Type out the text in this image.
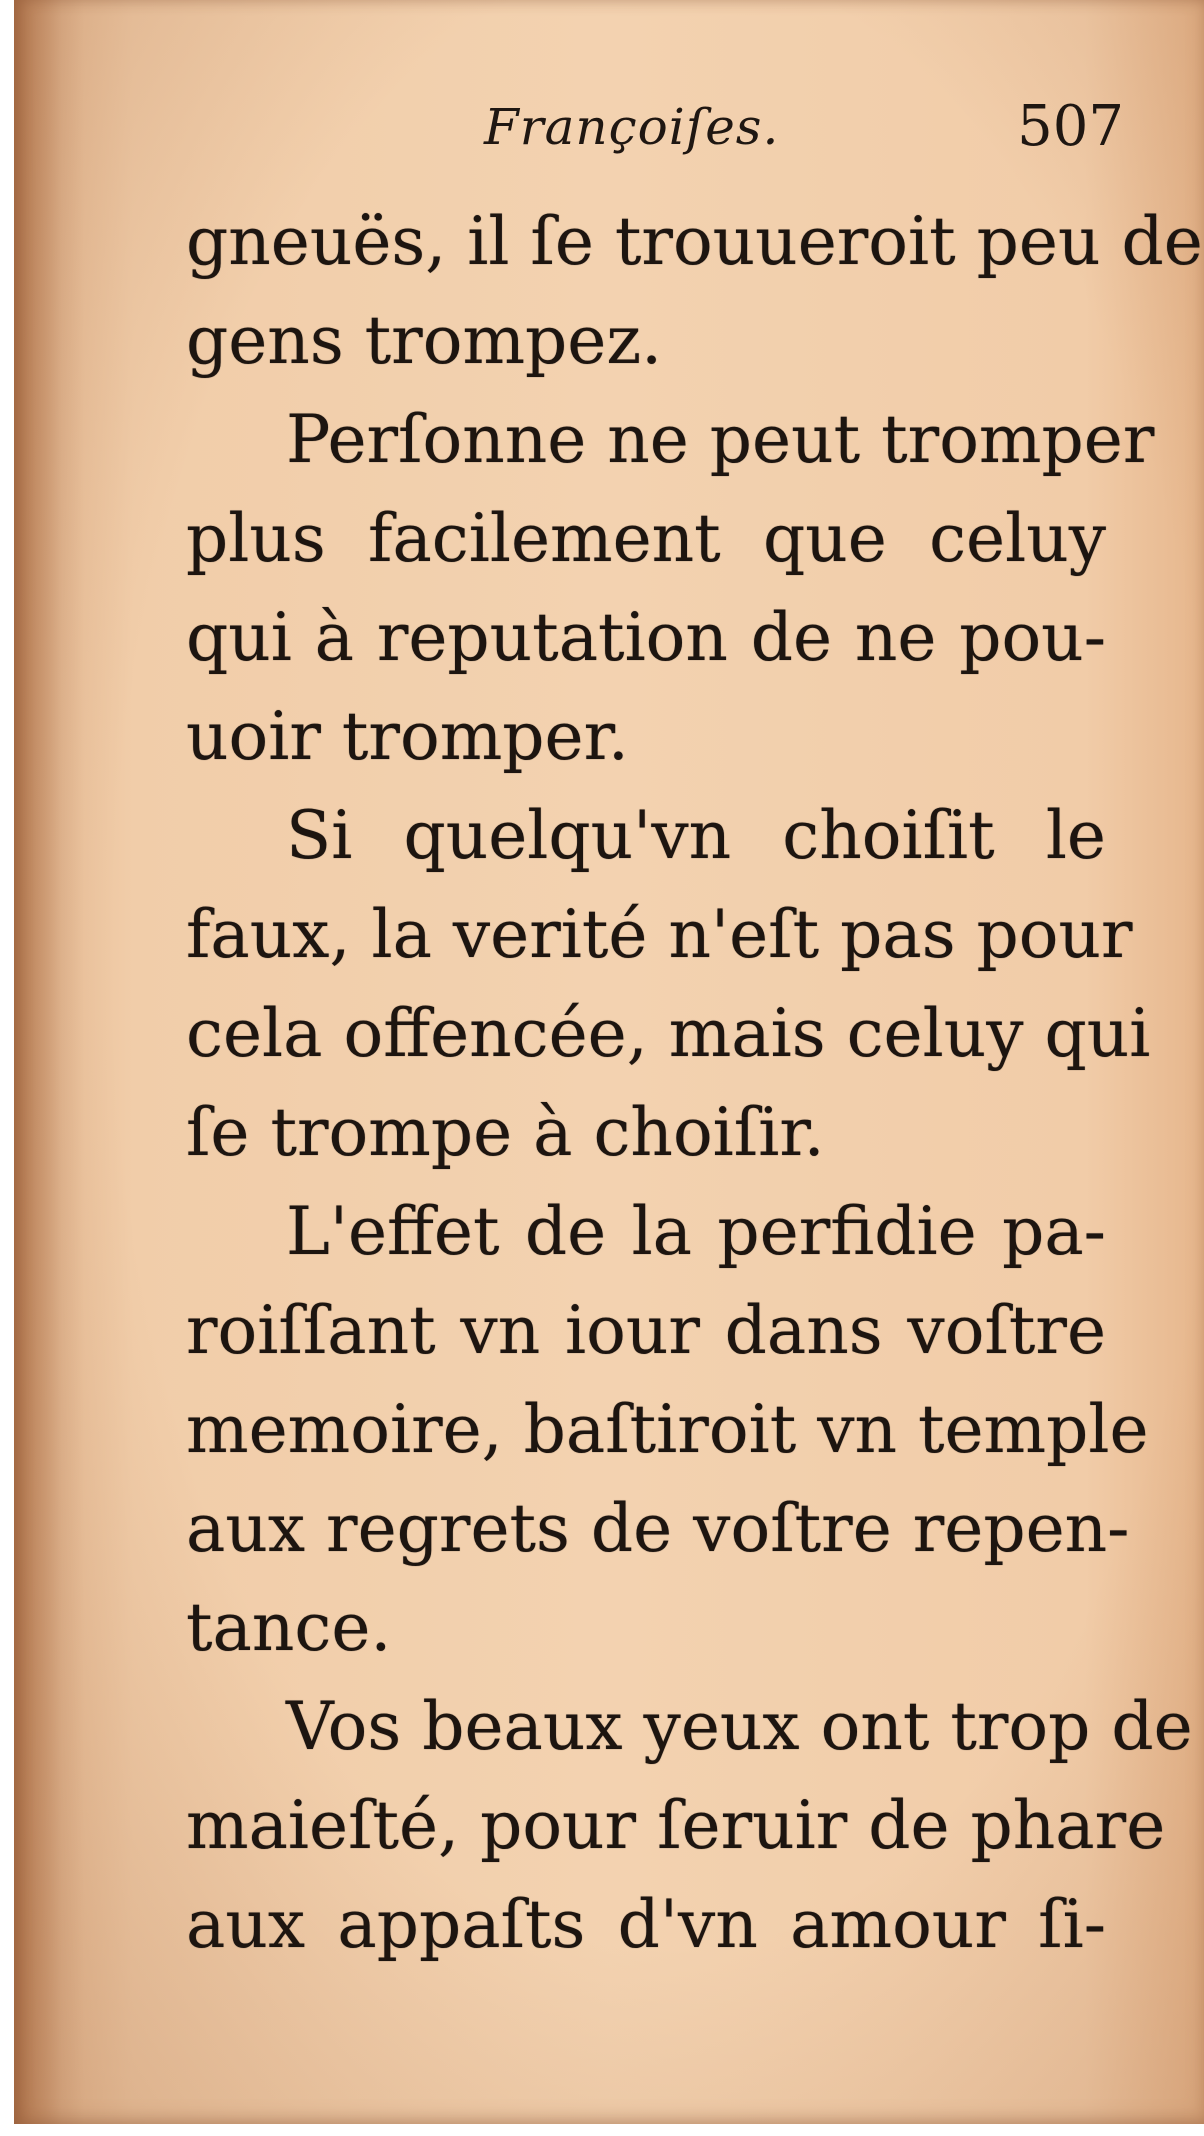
Françoiſes.	507
gneuës, il ſe trouueroit peu de
gens trompez.
Perſonne ne peut tromper
plus facilement que celuy
qui à reputation de ne pou-
uoir tromper.
Si quelqu'vn choiſit le
faux, la verité n'eſt pas pour
cela offencée, mais celuy qui
ſe trompe à choiſir.
L'effet de la perfidie pa-
roiſſant vn iour dans voſtre
memoire, baſtiroit vn temple
aux regrets de voſtre repen-
tance.
Vos beaux yeux ont trop de
maieſté, pour ſeruir de phare
aux appaſts d'vn amour ſi-
